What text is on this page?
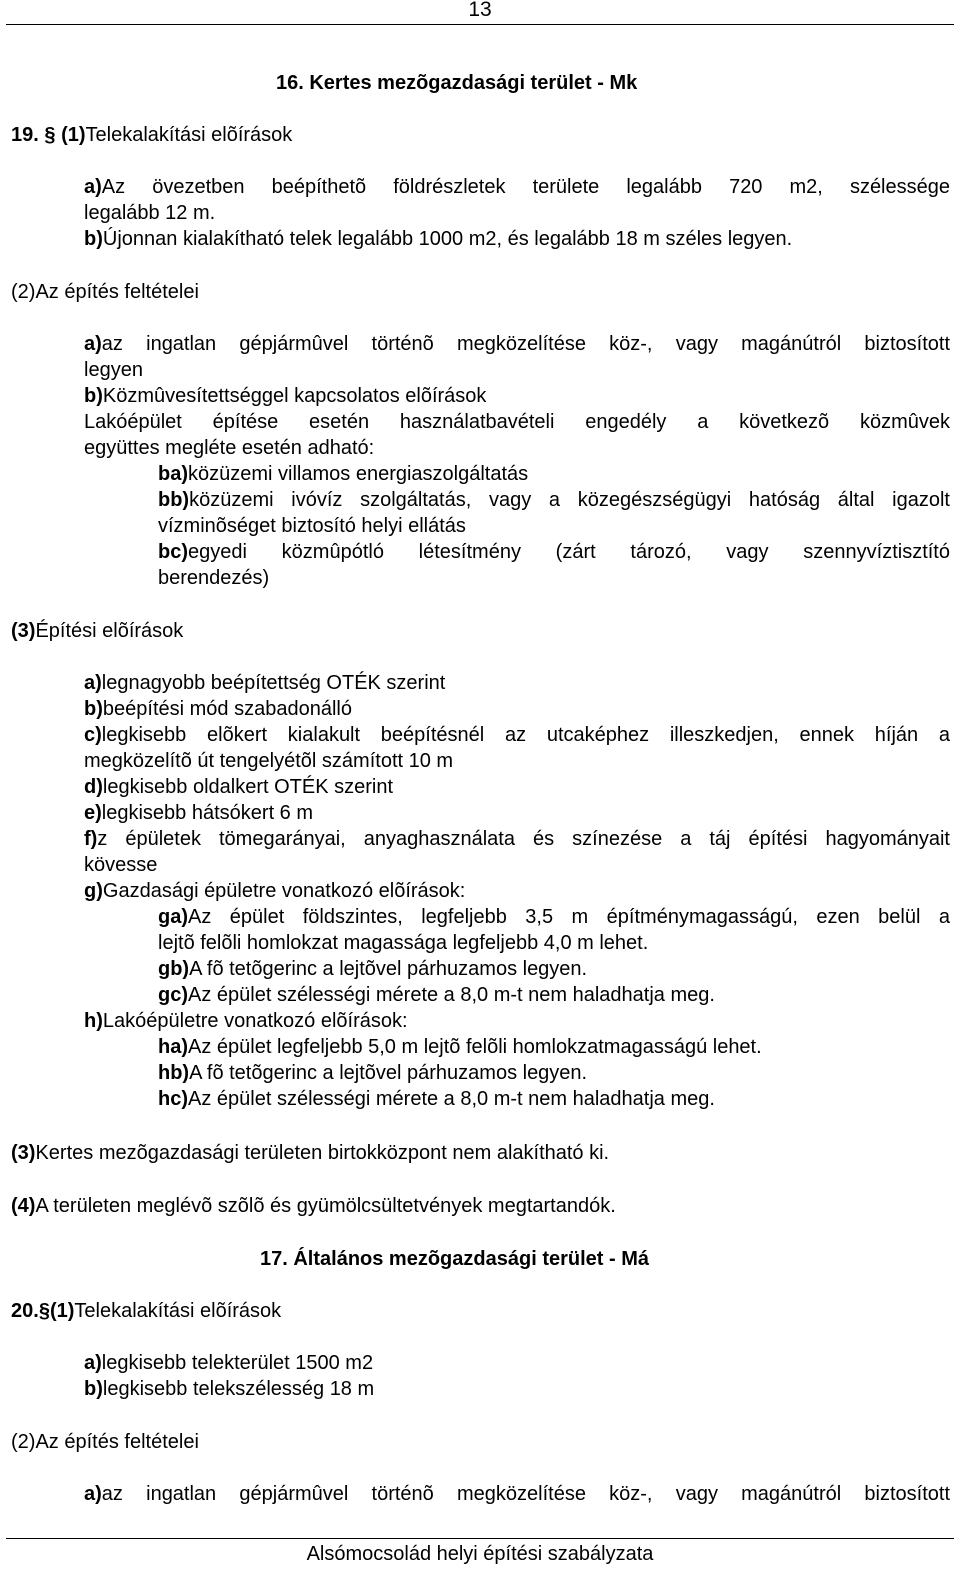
13
16. Kertes mezõgazdasági terület - Mk
19. § (1)Telekalakítási elõírások
a)Az övezetben beépíthetõ földrészletek területe legalább 720 m2, szélessége
legalább 12 m.
b)Újonnan kialakítható telek legalább 1000 m2, és legalább 18 m széles legyen.
(2)Az építés feltételei
a)az ingatlan gépjármûvel történõ megközelítése köz-, vagy magánútról biztosított
legyen
b)Közmûvesítettséggel kapcsolatos elõírások
Lakóépület építése esetén használatbavételi engedély a következõ közmûvek
együttes megléte esetén adható:
ba)közüzemi villamos energiaszolgáltatás
bb)közüzemi ivóvíz szolgáltatás, vagy a közegészségügyi hatóság által igazolt
vízminõséget biztosító helyi ellátás
bc)egyedi közmûpótló létesítmény (zárt tározó, vagy szennyvíztisztító
berendezés)
(3)Építési elõírások
a)legnagyobb beépítettség OTÉK szerint
b)beépítési mód szabadonálló
c)legkisebb elõkert kialakult beépítésnél az utcaképhez illeszkedjen, ennek híján a
megközelítõ út tengelyétõl számított 10 m
d)legkisebb oldalkert OTÉK szerint
e)legkisebb hátsókert 6 m
f)z épületek tömegarányai, anyaghasználata és színezése a táj építési hagyományait
kövesse
g)Gazdasági épületre vonatkozó elõírások:
ga)Az épület földszintes, legfeljebb 3,5 m építménymagasságú, ezen belül a
lejtõ felõli homlokzat magassága legfeljebb 4,0 m lehet.
gb)A fõ tetõgerinc a lejtõvel párhuzamos legyen.
gc)Az épület szélességi mérete a 8,0 m-t nem haladhatja meg.
h)Lakóépületre vonatkozó elõírások:
ha)Az épület legfeljebb 5,0 m lejtõ felõli homlokzatmagasságú lehet.
hb)A fõ tetõgerinc a lejtõvel párhuzamos legyen.
hc)Az épület szélességi mérete a 8,0 m-t nem haladhatja meg.
(3)Kertes mezõgazdasági területen birtokközpont nem alakítható ki.
(4)A területen meglévõ szõlõ és gyümölcsültetvények megtartandók.
17. Általános mezõgazdasági terület - Má
20.§(1)Telekalakítási elõírások
a)legkisebb telekterület 1500 m2
b)legkisebb telekszélesség 18 m
(2)Az építés feltételei
a)az ingatlan gépjármûvel történõ megközelítése köz-, vagy magánútról biztosított
Alsómocsolád helyi építési szabályzata
